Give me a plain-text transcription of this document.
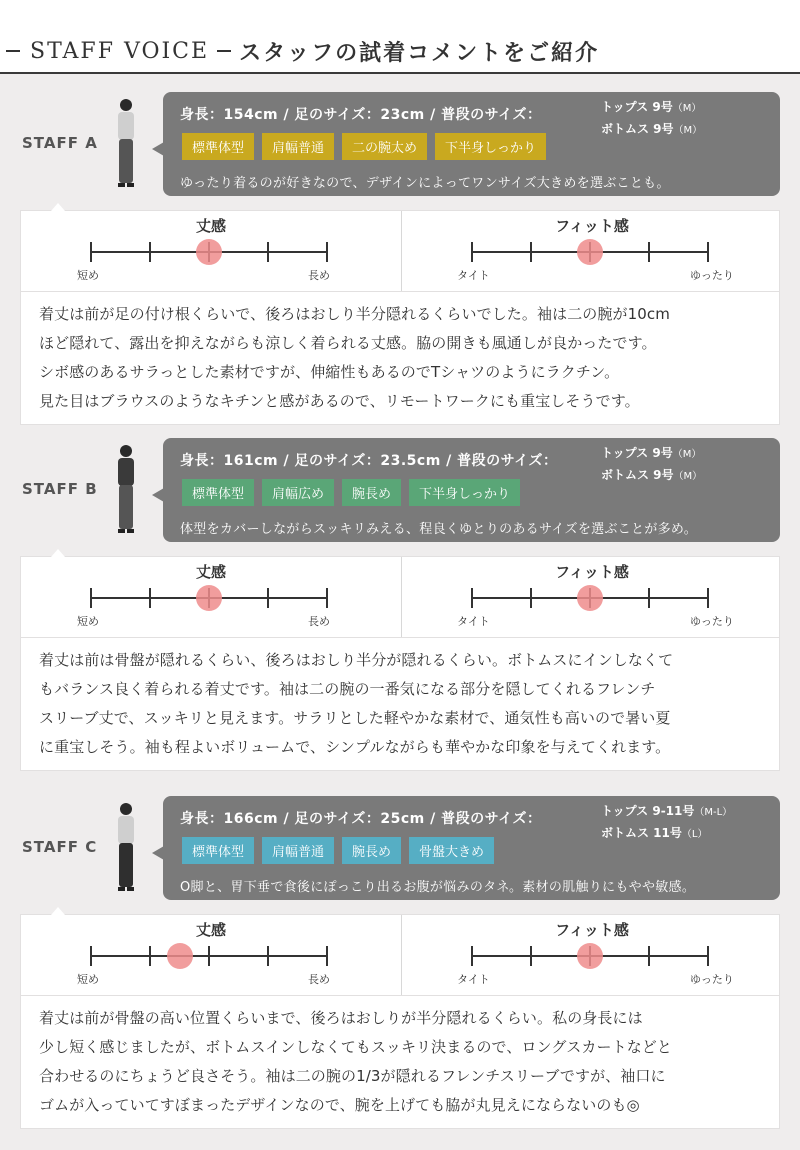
STAFF VOICE スタッフの試着コメントをご紹介
STAFF A
身長：154cm / 足のサイズ：23cm / 普段のサイズ：	トップス 9号（M）
ボトムス 9号（M）
標準体型	肩幅普通	二の腕太め	下半身しっかり
ゆったり着るのが好きなので、デザインによってワンサイズ大きめを選ぶことも。
丈感
短め	長め
フィット感
タイト	ゆったり

着丈は前が足の付け根くらいで、後ろはおしり半分隠れるくらいでした。袖は二の腕が10cm

ほど隠れて、露出を抑えながらも涼しく着られる丈感。脇の開きも風通しが良かったです。

シボ感のあるサラっとした素材ですが、伸縮性もあるのでTシャツのようにラクチン。

見た目はブラウスのようなキチンと感があるので、リモートワークにも重宝しそうです。

STAFF B
身長：161cm / 足のサイズ：23.5cm / 普段のサイズ：	トップス 9号（M）
ボトムス 9号（M）
標準体型	肩幅広め	腕長め	下半身しっかり
体型をカバーしながらスッキリみえる、程良くゆとりのあるサイズを選ぶことが多め。
丈感
短め	長め
フィット感
タイト	ゆったり

着丈は前は骨盤が隠れるくらい、後ろはおしり半分が隠れるくらい。ボトムスにインしなくて

もバランス良く着られる着丈です。袖は二の腕の一番気になる部分を隠してくれるフレンチ

スリーブ丈で、スッキリと見えます。サラリとした軽やかな素材で、通気性も高いので暑い夏

に重宝しそう。袖も程よいボリュームで、シンプルながらも華やかな印象を与えてくれます。

STAFF C
身長：166cm / 足のサイズ：25cm / 普段のサイズ：	トップス 9-11号（M-L）
ボトムス 11号（L）
標準体型	肩幅普通	腕長め	骨盤大きめ
O脚と、胃下垂で食後にぽっこり出るお腹が悩みのタネ。素材の肌触りにもやや敏感。
丈感
短め	長め
フィット感
タイト	ゆったり

着丈は前が骨盤の高い位置くらいまで、後ろはおしりが半分隠れるくらい。私の身長には

少し短く感じましたが、ボトムスインしなくてもスッキリ決まるので、ロングスカートなどと

合わせるのにちょうど良さそう。袖は二の腕の1/3が隠れるフレンチスリーブですが、袖口に

ゴムが入っていてすぼまったデザインなので、腕を上げても脇が丸見えにならないのも◎
